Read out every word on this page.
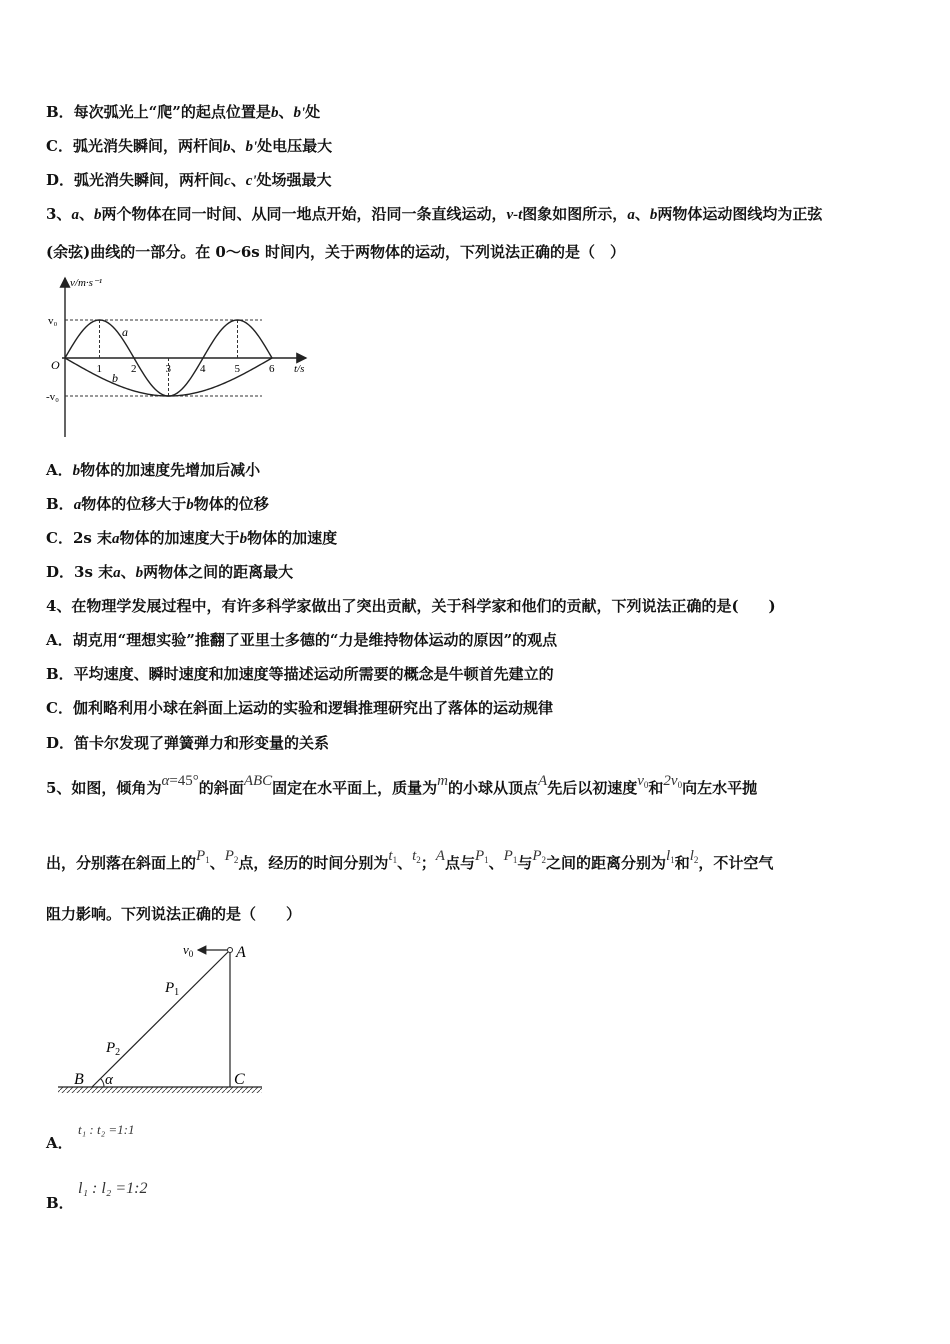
B．每次弧光上“爬”的起点位置是b、b'处
C．弧光消失瞬间，两杆间b、b'处电压最大
D．弧光消失瞬间，两杆间c、c'处场强最大
3、a、b两个物体在同一时间、从同一地点开始，沿同一条直线运动，v-t图象如图所示，a、b两物体运动图线均为正弦
(余弦)曲线的一部分。在 0～6s 时间内，关于两物体的运动，下列说法正确的是（　）
1	2	3	4	5	6
v/m·s⁻¹
t/s
O
v₀
-v₀
a
b
A．b物体的加速度先增加后减小
B．a物体的位移大于b物体的位移
C．2s 末a物体的加速度大于b物体的加速度
D．3s 末a、b两物体之间的距离最大
4、在物理学发展过程中，有许多科学家做出了突出贡献，关于科学家和他们的贡献，下列说法正确的是(　　)
A．胡克用“理想实验”推翻了亚里士多德的“力是维持物体运动的原因”的观点
B．平均速度、瞬时速度和加速度等描述运动所需要的概念是牛顿首先建立的
C．伽利略利用小球在斜面上运动的实验和逻辑推理研究出了落体的运动规律
D．笛卡尔发现了弹簧弹力和形变量的关系
5、如图，倾角为α=45°的斜面ABC固定在水平面上，质量为m的小球从顶点A先后以初速度$v_0$和$2v_0$向左水平抛
出，分别落在斜面上的$P_1$、$P_2$点，经历的时间分别为$t_1$、$t_2$；A点与$P_1$、$P_1$与$P_2$之间的距离分别为$l_1$和$l_2$，不计空气
阻力影响。下列说法正确的是（　　）
$v_0$	A
$P_1$
$P_2$
B α	C
A．
t₁ : t₂ =1:1
B．
l₁ : l₂ =1:2
